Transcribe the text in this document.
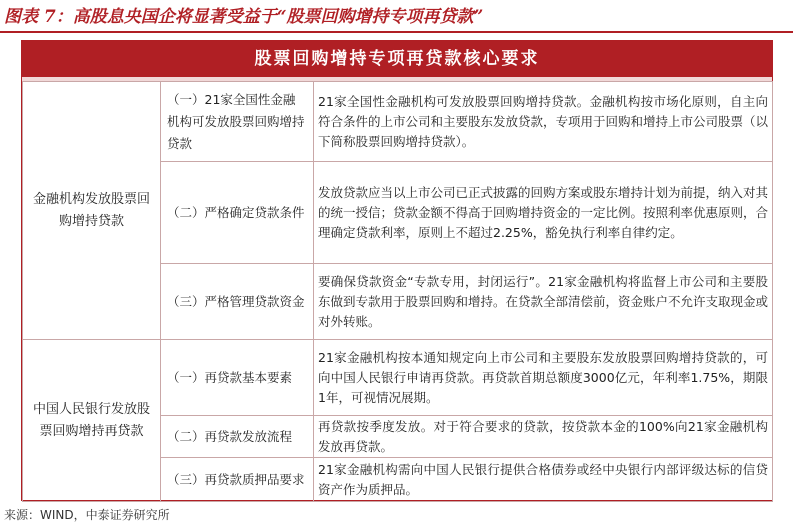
图表 7：高股息央国企将显著受益于“股票回购增持专项再贷款”
股票回购增持专项再贷款核心要求
金融机构发放股票回购增持贷款	（一）21家全国性金融机构可发放股票回购增持贷款	21家全国性金融机构可发放股票回购增持贷款。金融机构按市场化原则，自主向符合条件的上市公司和主要股东发放贷款，专项用于回购和增持上市公司股票（以下简称股票回购增持贷款）。
	（二）严格确定贷款条件	发放贷款应当以上市公司已正式披露的回购方案或股东增持计划为前提，纳入对其的统一授信；贷款金额不得高于回购增持资金的一定比例。按照利率优惠原则，合理确定贷款利率，原则上不超过2.25%，豁免执行利率自律约定。
	（三）严格管理贷款资金	要确保贷款资金“专款专用，封闭运行”。21家金融机构将监督上市公司和主要股东做到专款用于股票回购和增持。在贷款全部清偿前，资金账户不允许支取现金或对外转账。
中国人民银行发放股票回购增持再贷款	（一）再贷款基本要素	21家金融机构按本通知规定向上市公司和主要股东发放股票回购增持贷款的，可向中国人民银行申请再贷款。再贷款首期总额度3000亿元，年利率1.75%，期限1年，可视情况展期。
	（二）再贷款发放流程	再贷款按季度发放。对于符合要求的贷款，按贷款本金的100%向21家金融机构发放再贷款。
	（三）再贷款质押品要求	21家金融机构需向中国人民银行提供合格债券或经中央银行内部评级达标的信贷资产作为质押品。
来源：WIND，中泰证券研究所
